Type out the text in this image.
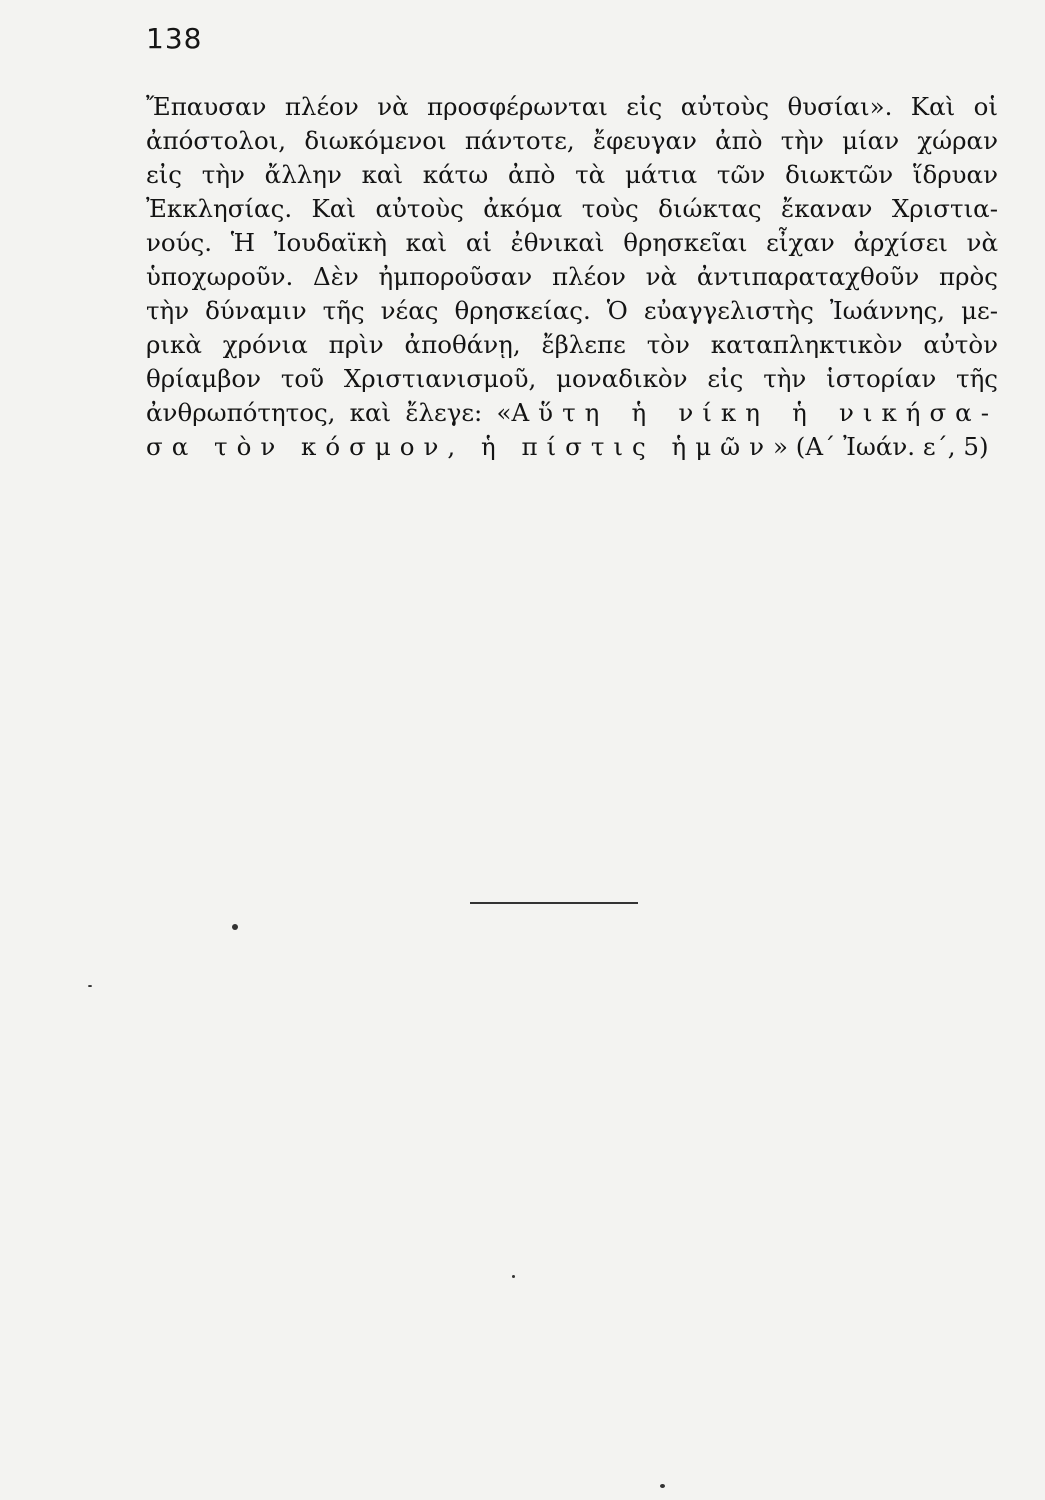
138
Ἔπαυσαν πλέον νὰ προσφέρωνται εἰς αὐτοὺς θυσίαι». Καὶ οἱ
ἀπόστολοι, διωκόμενοι πάντοτε, ἔφευγαν ἀπὸ τὴν μίαν χώραν
εἰς τὴν ἄλλην καὶ κάτω ἀπὸ τὰ μάτια τῶν διωκτῶν ἵδρυαν
Ἐκκλησίας. Καὶ αὐτοὺς ἀκόμα τοὺς διώκτας ἔκαναν Χριστια-
νούς. Ἡ Ἰουδαϊκὴ καὶ αἱ ἐθνικαὶ θρησκεῖαι εἶχαν ἀρχίσει νὰ
ὑποχωροῦν. Δὲν ἠμποροῦσαν πλέον νὰ ἀντιπαραταχθοῦν πρὸς
τὴν δύναμιν τῆς νέας θρησκείας. Ὁ εὐαγγελιστὴς Ἰωάννης, με-
ρικὰ χρόνια πρὶν ἀποθάνῃ, ἔβλεπε τὸν καταπληκτικὸν αὐτὸν
θρίαμβον τοῦ Χριστιανισμοῦ, μοναδικὸν εἰς τὴν ἱστορίαν τῆς
ἀνθρωπότητος, καὶ ἔλεγε: «Αὕτη ἡ νίκη ἡ νικήσα-
σα τὸν κόσμον, ἡ πίστις ἡμῶν» (Α΄ Ἰωάν. ε΄, 5)
